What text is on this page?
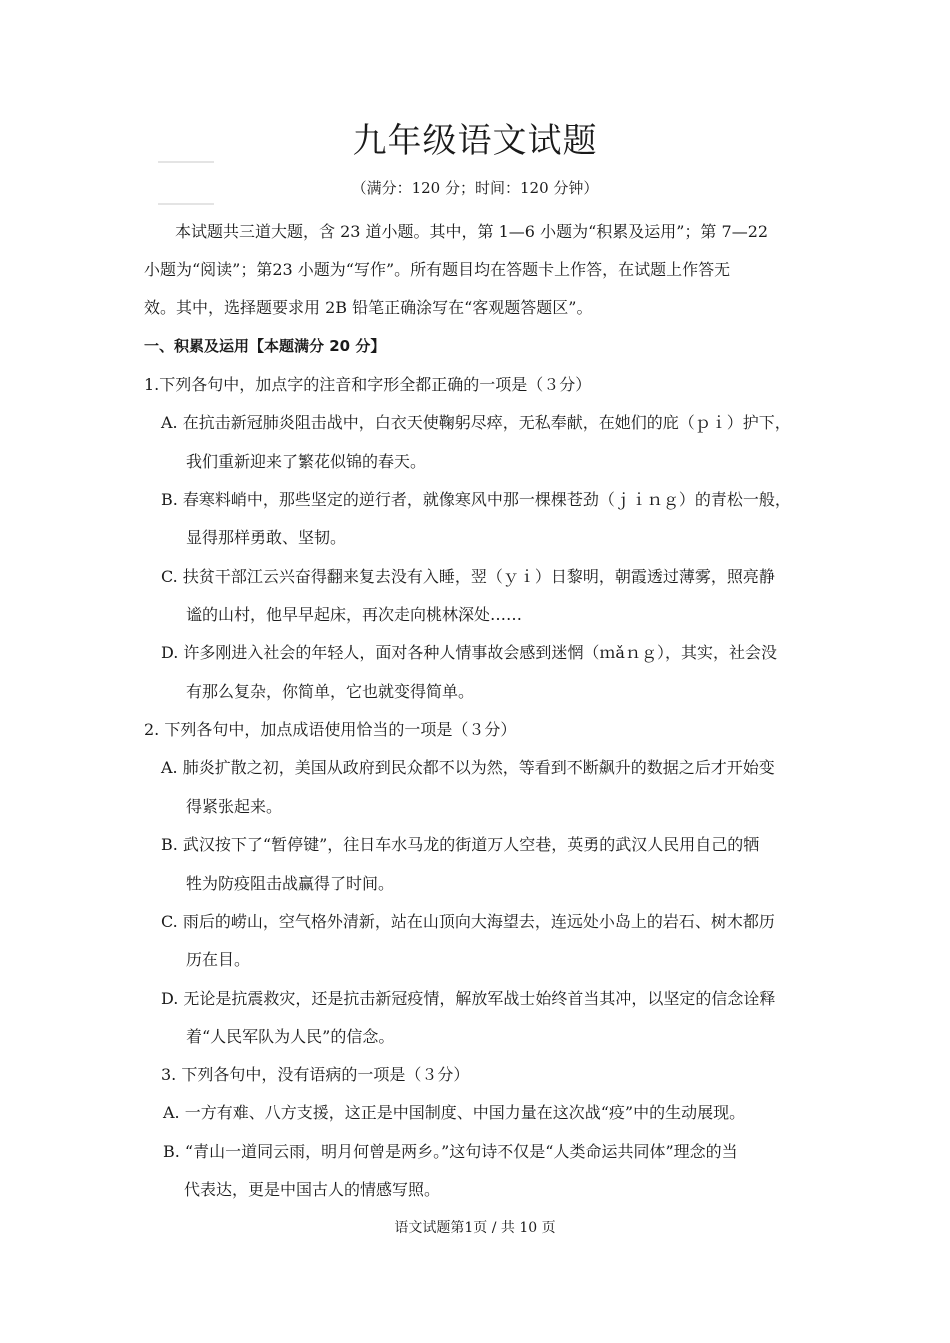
九年级语文试题
（满分：120 分；时间：120 分钟）
本试题共三道大题，含 23 道小题。其中，第 1—6 小题为“积累及运用”；第 7—22
小题为“阅读”；第23 小题为“写作”。所有题目均在答题卡上作答，在试题上作答无
效。其中，选择题要求用 2B 铅笔正确涂写在“客观题答题区”。
一、积累及运用【本题满分 20 分】
1.下列各句中，加点字的注音和字形全都正确的一项是（３分）
A. 在抗击新冠肺炎阻击战中，白衣天使鞠躬尽瘁，无私奉献，在她们的庇（ｐｉ）护下，
我们重新迎来了繁花似锦的春天。
B. 春寒料峭中，那些坚定的逆行者，就像寒风中那一棵棵苍劲（ｊｉｎｇ）的青松一般，
显得那样勇敢、坚韧。
C. 扶贫干部江云兴奋得翻来复去没有入睡，翌（ｙｉ）日黎明，朝霞透过薄雾，照亮静
谧的山村，他早早起床，再次走向桃林深处……
D. 许多刚进入社会的年轻人，面对各种人情事故会感到迷惘（ｍǎｎｇ），其实，社会没
有那么复杂，你简单，它也就变得简单。
2. 下列各句中，加点成语使用恰当的一项是（３分）
A. 肺炎扩散之初，美国从政府到民众都不以为然，等看到不断飙升的数据之后才开始变
得紧张起来。
B. 武汉按下了“暂停键”，往日车水马龙的街道万人空巷，英勇的武汉人民用自己的牺
牲为防疫阻击战赢得了时间。
C. 雨后的崂山，空气格外清新，站在山顶向大海望去，连远处小岛上的岩石、树木都历
历在目。
D. 无论是抗震救灾，还是抗击新冠疫情，解放军战士始终首当其冲，以坚定的信念诠释
着“人民军队为人民”的信念。
3. 下列各句中，没有语病的一项是（３分）
A. 一方有难、八方支援，这正是中国制度、中国力量在这次战“疫”中的生动展现。
B. “青山一道同云雨，明月何曾是两乡。”这句诗不仅是“人类命运共同体”理念的当
代表达，更是中国古人的情感写照。
语文试题第1页 / 共 10 页
